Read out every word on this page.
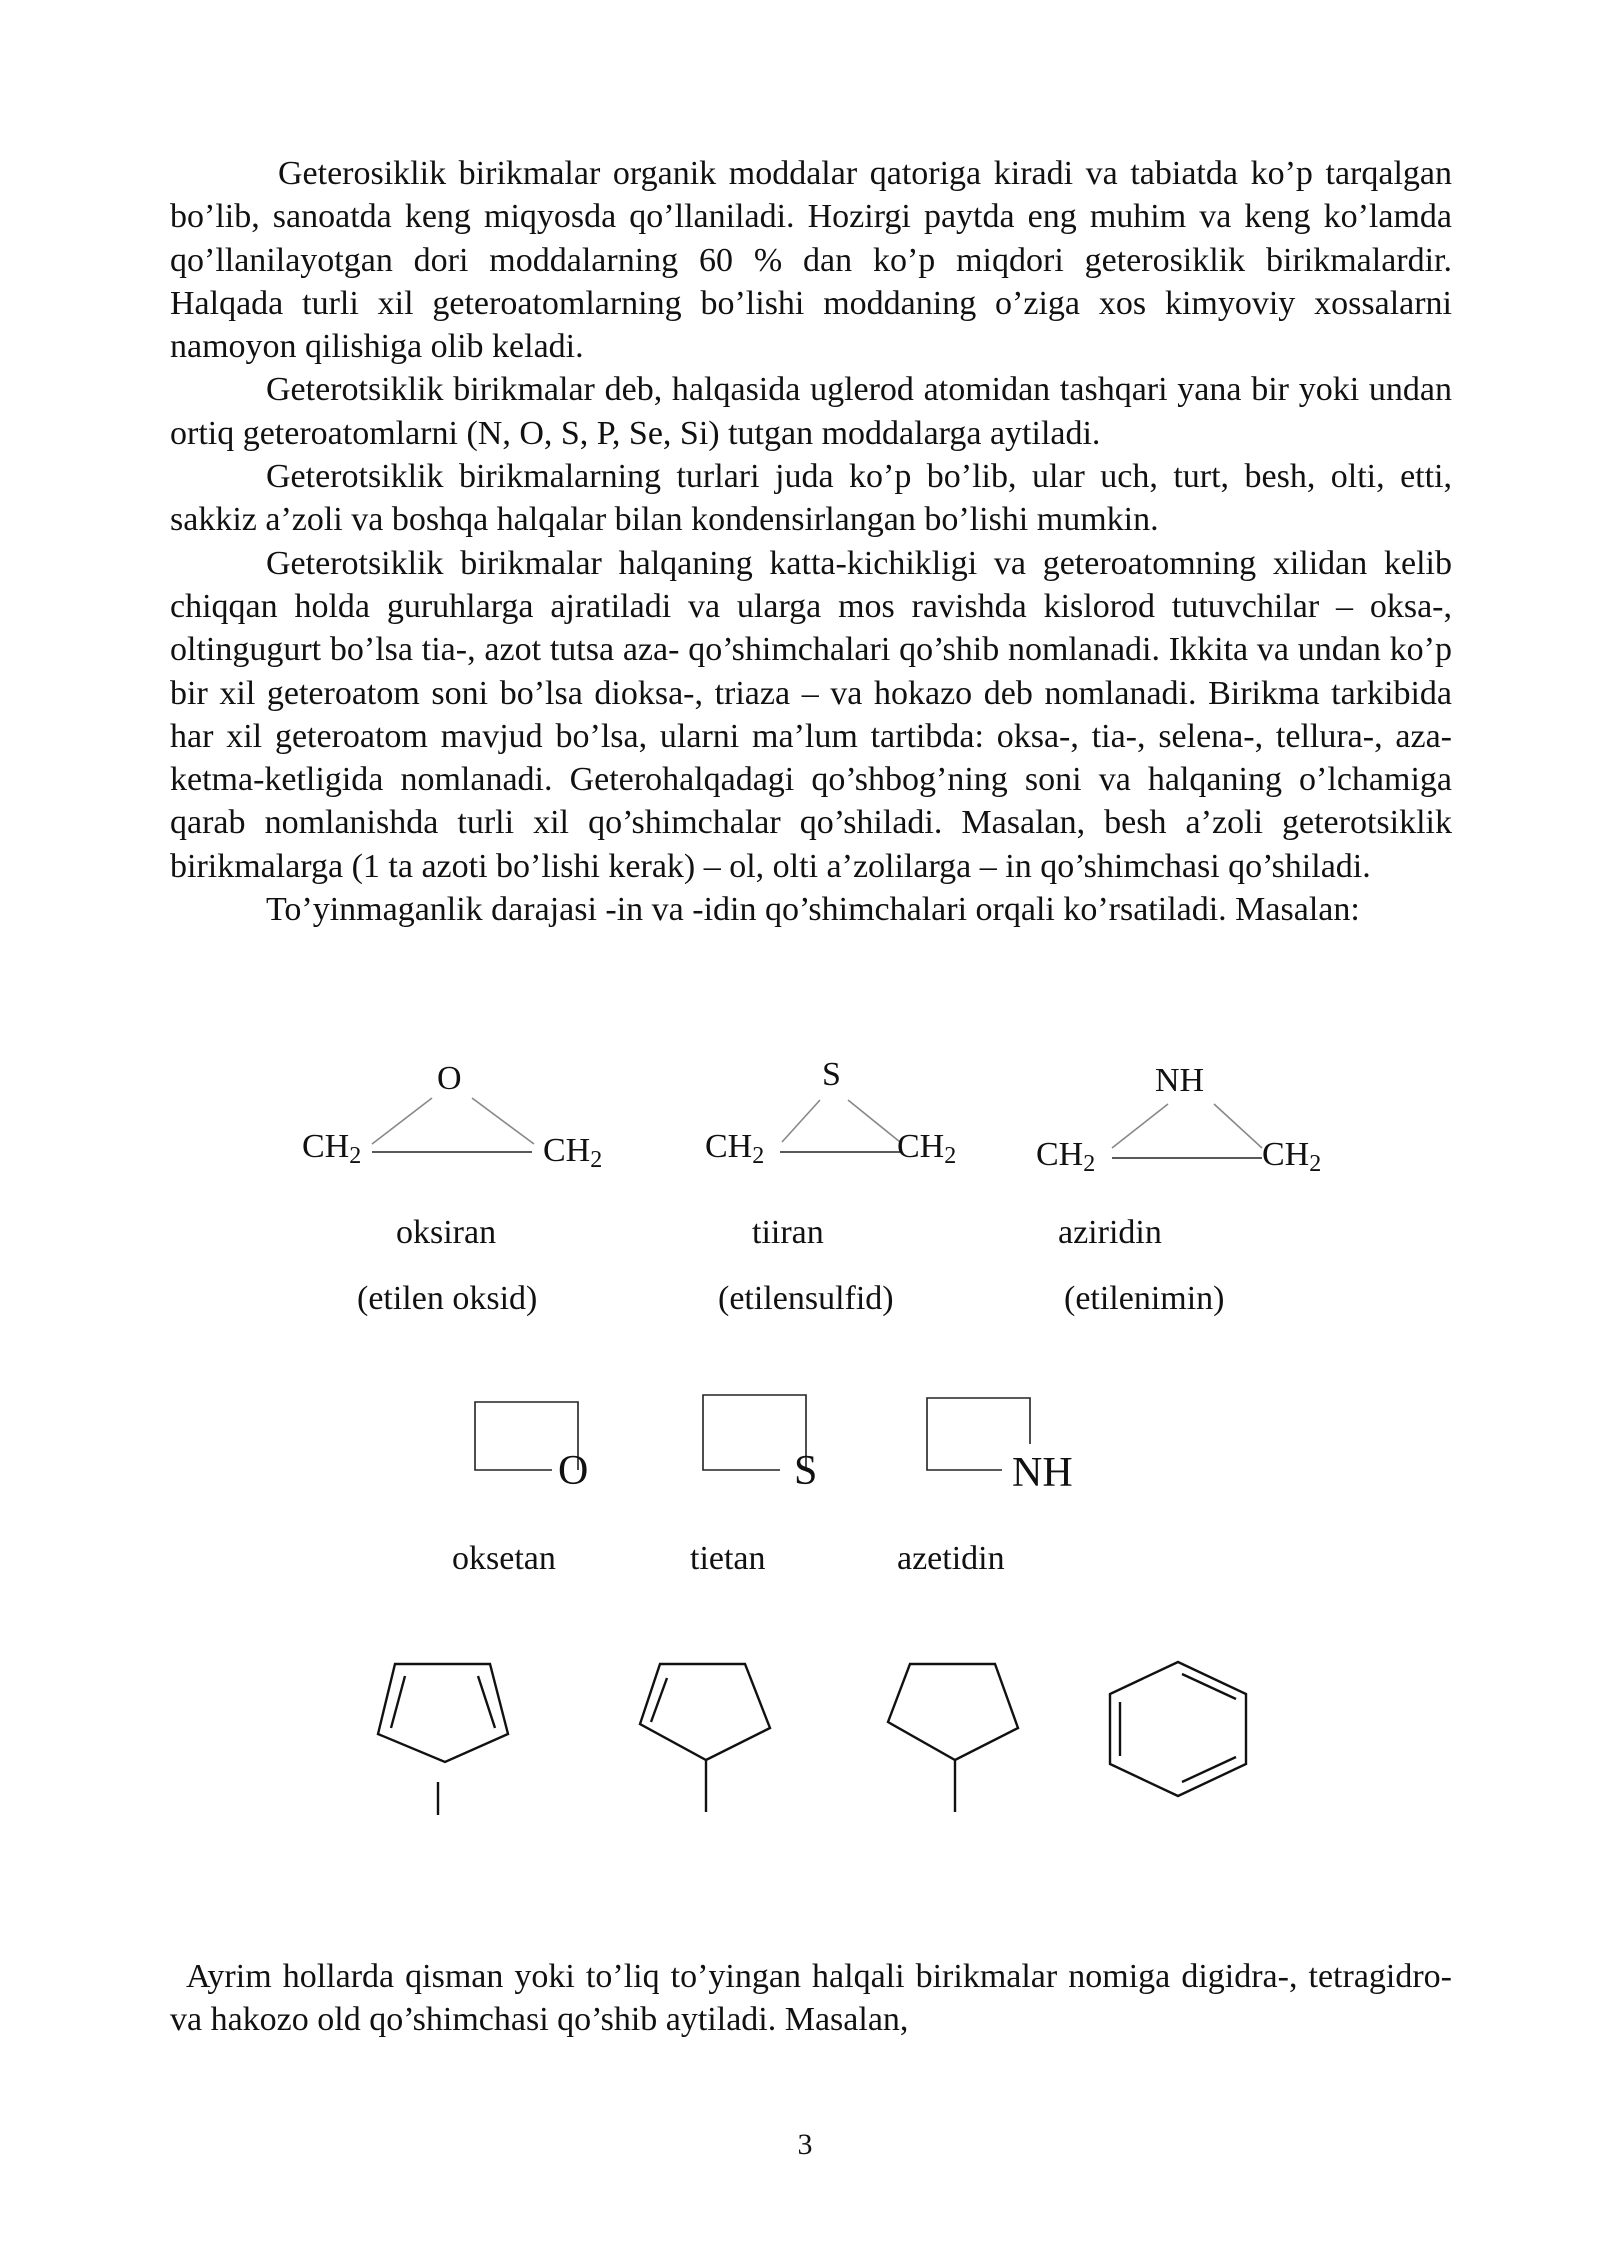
Geterosiklik birikmalar organik moddalar qatoriga kiradi va tabiatda ko’p tarqalgan bo’lib, sanoatda keng miqyosda qo’llaniladi. Hozirgi paytda eng muhim va keng ko’lamda qo’llanilayotgan dori moddalarning 60 % dan ko’p miqdori geterosiklik birikmalardir. Halqada turli xil geteroatomlarning bo’lishi moddaning o’ziga xos kimyoviy xossalarni namoyon qilishiga olib keladi.

Geterotsiklik birikmalar deb, halqasida uglerod atomidan tashqari yana bir yoki undan ortiq geteroatomlarni (N, O, S, P, Se, Si) tutgan moddalarga aytiladi.

Geterotsiklik birikmalarning turlari juda ko’p bo’lib, ular uch, turt, besh, olti, etti, sakkiz a’zoli va boshqa halqalar bilan kondensirlangan bo’lishi mumkin.

Geterotsiklik birikmalar halqaning katta-kichikligi va geteroatomning xilidan kelib chiqqan holda guruhlarga ajratiladi va ularga mos ravishda kislorod tutuvchilar – oksa-, oltingugurt bo’lsa tia-, azot tutsa aza- qo’shimchalari qo’shib nomlanadi. Ikkita va undan ko’p bir xil geteroatom soni bo’lsa dioksa-, triaza – va hokazo deb nomlanadi. Birikma tarkibida har xil geteroatom mavjud bo’lsa, ularni ma’lum tartibda: oksa-, tia-, selena-, tellura-, aza- ketma-ketligida nomlanadi. Geterohalqadagi qo’shbog’ning soni va halqaning o’lchamiga qarab nomlanishda turli xil qo’shimchalar qo’shiladi. Masalan, besh a’zoli geterotsiklik birikmalarga (1 ta azoti bo’lishi kerak) – ol, olti a’zolilarga – in qo’shimchasi qo’shiladi.

To’yinmaganlik darajasi -in va -idin qo’shimchalari orqali ko’rsatiladi. Masalan:

O
$CH_2$	$CH_2$
S
$CH_2$	$CH_2$
NH
$CH_2$	$CH_2$
oksiran	tiiran	aziridin
(etilen oksid)	(etilensulfid)	(etilenimin)
O	S	NH
oksetan	tietan	azetidin

Ayrim hollarda qisman yoki to’liq to’yingan halqali birikmalar nomiga digidra-, tetragidro- va hakozo old qo’shimchasi qo’shib aytiladi. Masalan,

3
